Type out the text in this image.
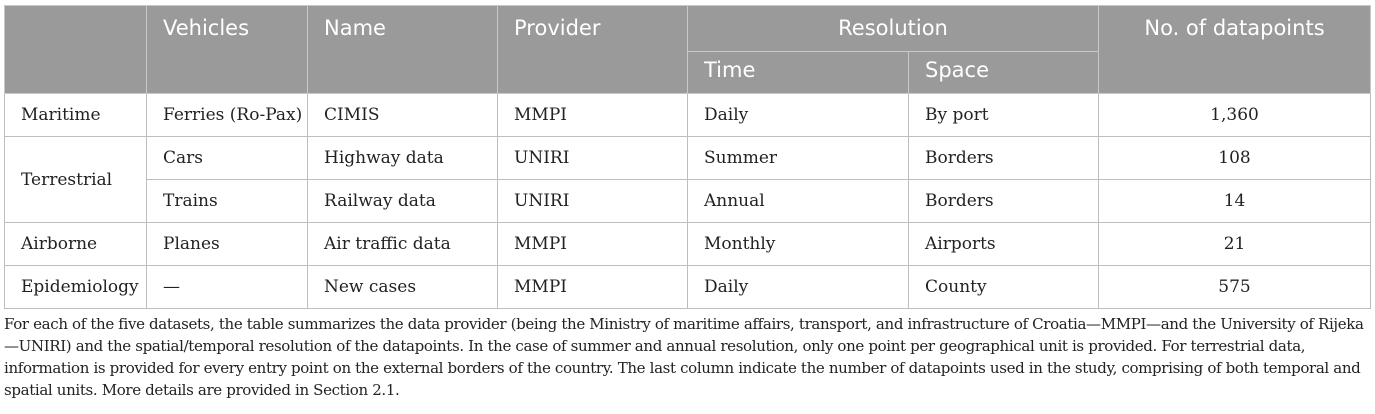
	Vehicles	Name	Provider	Resolution		No. of datapoints
				Time	Space	
Maritime	Ferries (Ro-Pax)	CIMIS	MMPI	Daily	By port	1,360
Terrestrial	Cars	Highway data	UNIRI	Summer	Borders	108
	Trains	Railway data	UNIRI	Annual	Borders	14
Airborne	Planes	Air traffic data	MMPI	Monthly	Airports	21
Epidemiology	—	New cases	MMPI	Daily	County	575

For each of the five datasets, the table summarizes the data provider (being the Ministry of maritime affairs, transport, and infrastructure of Croatia—MMPI—and the University of Rijeka—UNIRI) and the spatial/temporal resolution of the datapoints. In the case of summer and annual resolution, only one point per geographical unit is provided. For terrestrial data, information is provided for every entry point on the external borders of the country. The last column indicate the number of datapoints used in the study, comprising of both temporal and spatial units. More details are provided in Section 2.1.
